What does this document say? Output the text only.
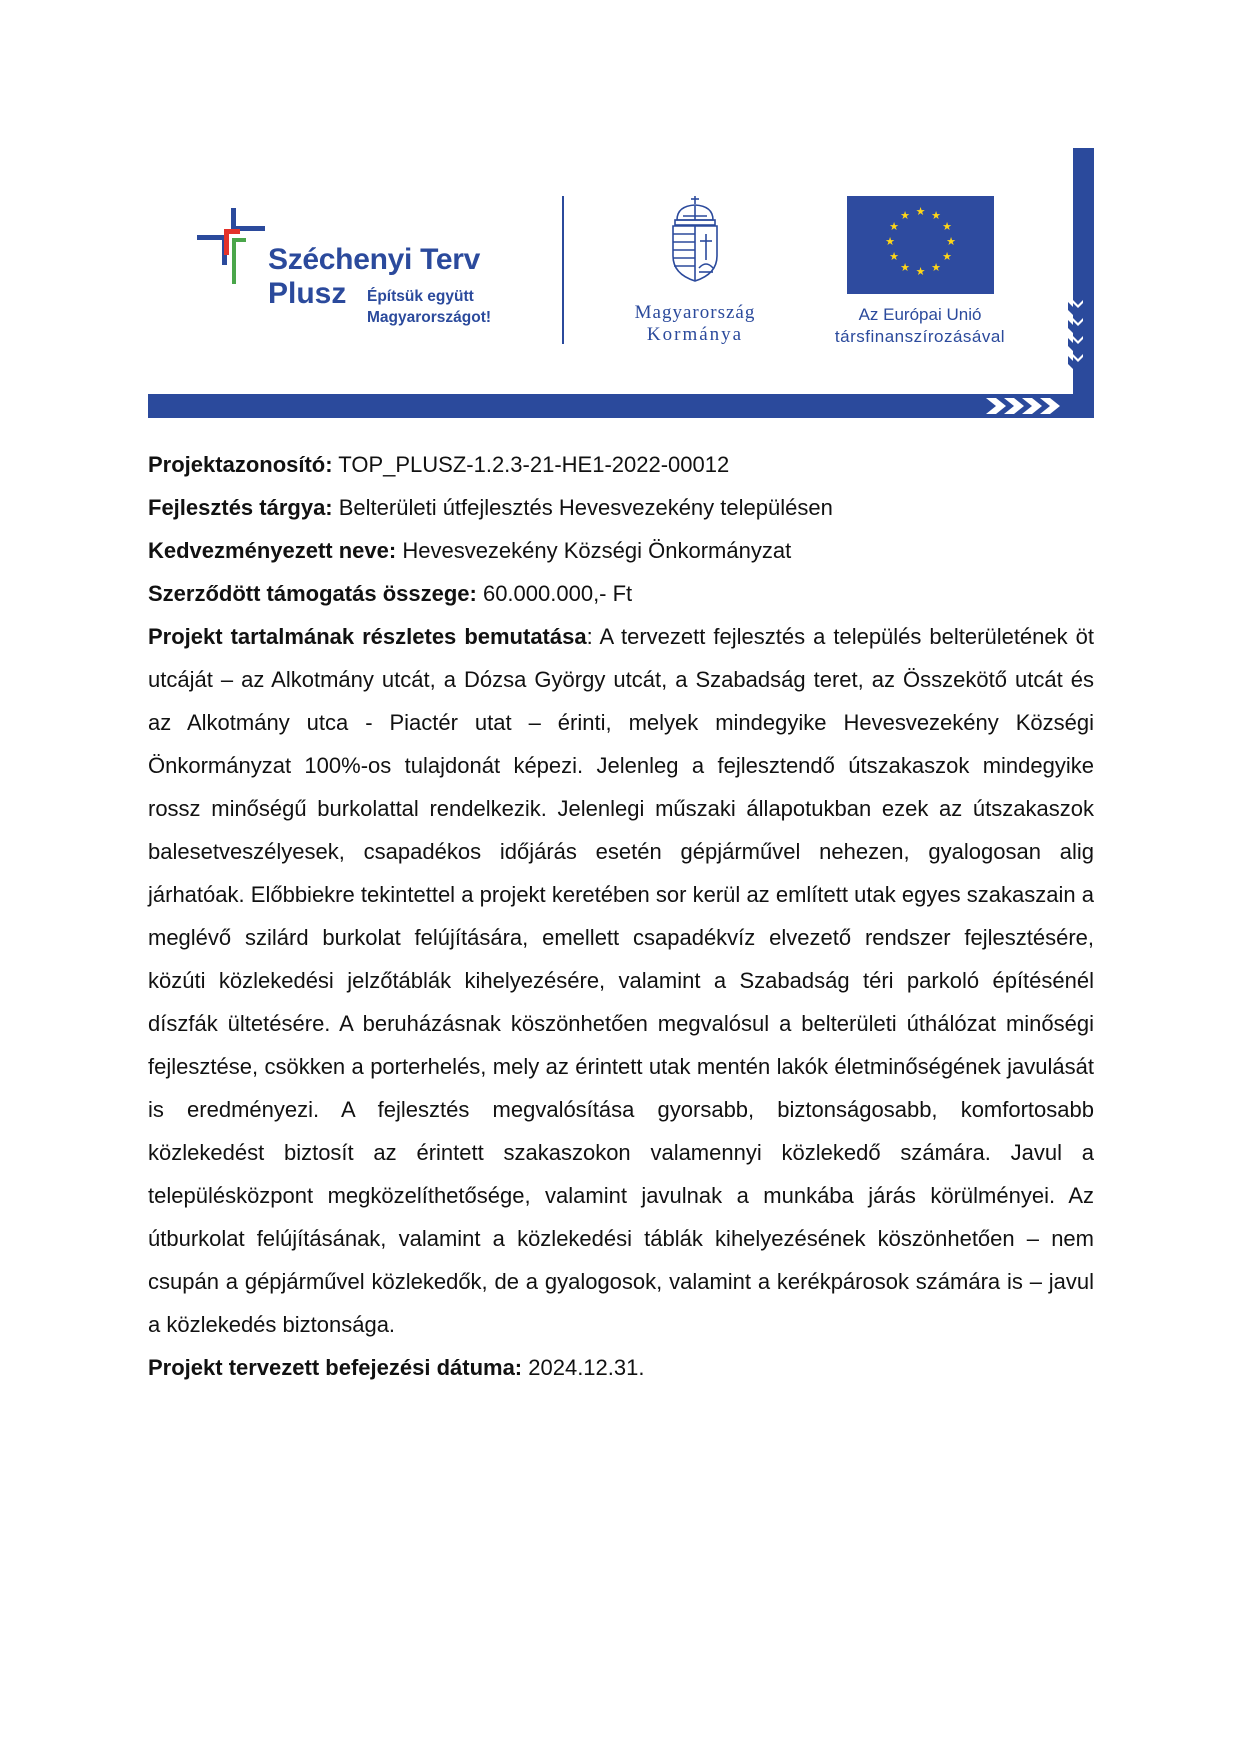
Széchenyi Terv
Plusz Építsük együtt
Magyarországot!	Magyarország
Kormánya
★ ★
★
★
★
★
★
★
★
★
★
★
Az Európai Unió
társfinanszírozásával

Projektazonosító: TOP_PLUSZ-1.2.3-21-HE1-2022-00012

Fejlesztés tárgya: Belterületi útfejlesztés Hevesvezekény településen

Kedvezményezett neve: Hevesvezekény Községi Önkormányzat

Szerződött támogatás összege: 60.000.000,- Ft

Projekt tartalmának részletes bemutatása: A tervezett fejlesztés a település belterületének öt utcáját – az Alkotmány utcát, a Dózsa György utcát, a Szabadság teret, az Összekötő utcát és az Alkotmány utca - Piactér utat – érinti, melyek mindegyike Hevesvezekény Községi Önkormányzat 100%-os tulajdonát képezi. Jelenleg a fejlesztendő útszakaszok mindegyike rossz minőségű burkolattal rendelkezik. Jelenlegi műszaki állapotukban ezek az útszakaszok balesetveszélyesek, csapadékos időjárás esetén gépjárművel nehezen, gyalogosan alig járhatóak. Előbbiekre tekintettel a projekt keretében sor kerül az említett utak egyes szakaszain a meglévő szilárd burkolat felújítására, emellett csapadékvíz elvezető rendszer fejlesztésére, közúti közlekedési jelzőtáblák kihelyezésére, valamint a Szabadság téri parkoló építésénél díszfák ültetésére. A beruházásnak köszönhetően megvalósul a belterületi úthálózat minőségi fejlesztése, csökken a porterhelés, mely az érintett utak mentén lakók életminőségének javulását is eredményezi. A fejlesztés megvalósítása gyorsabb, biztonságosabb, komfortosabb közlekedést biztosít az érintett szakaszokon valamennyi közlekedő számára. Javul a településközpont megközelíthetősége, valamint javulnak a munkába járás körülményei. Az útburkolat felújításának, valamint a közlekedési táblák kihelyezésének köszönhetően – nem csupán a gépjárművel közlekedők, de a gyalogosok, valamint a kerékpárosok számára is – javul a közlekedés biztonsága.

Projekt tervezett befejezési dátuma: 2024.12.31.
